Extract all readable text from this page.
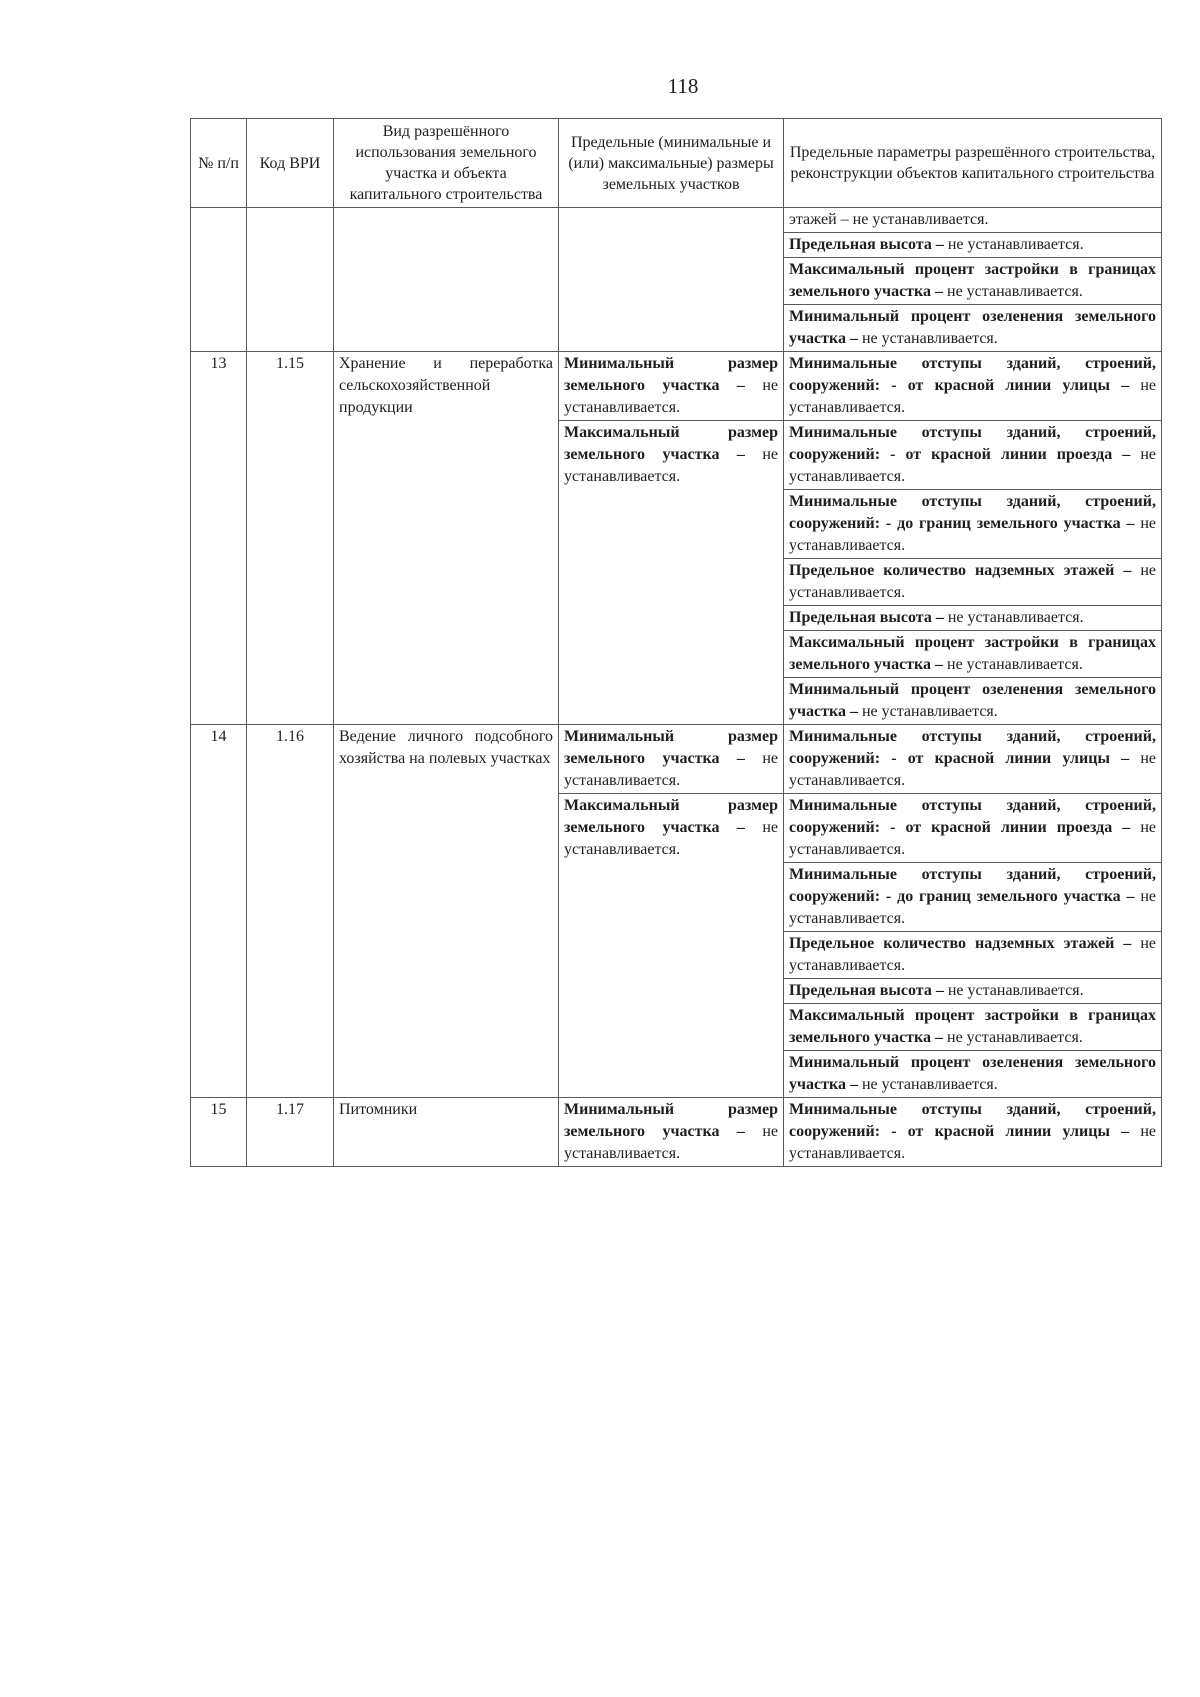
118
№ п/п	Код ВРИ	Вид разрешённого использования земельного участка и объекта капитального строительства	Предельные (минимальные и (или) максимальные) размеры земельных участков	Предельные параметры разрешённого строительства, реконструкции объектов капитального строительства
				этажей – не устанавливается.
				Предельная высота – не устанавливается.
				Максимальный процент застройки в границах земельного участка – не устанавливается.
				Минимальный процент озеленения земельного участка – не устанавливается.
13	1.15	Хранение и переработка сельскохозяйственной продукции	Минимальный размер земельного участка – не устанавливается.	Минимальные отступы зданий, строений, сооружений: - от красной линии улицы – не устанавливается.
			Максимальный размер земельного участка – не устанавливается.	Минимальные отступы зданий, строений, сооружений: - от красной линии проезда – не устанавливается.
				Минимальные отступы зданий, строений, сооружений: - до границ земельного участка – не устанавливается.
				Предельное количество надземных этажей – не устанавливается.
				Предельная высота – не устанавливается.
				Максимальный процент застройки в границах земельного участка – не устанавливается.
				Минимальный процент озеленения земельного участка – не устанавливается.
14	1.16	Ведение личного подсобного хозяйства на полевых участках	Минимальный размер земельного участка – не устанавливается.	Минимальные отступы зданий, строений, сооружений: - от красной линии улицы – не устанавливается.
			Максимальный размер земельного участка – не устанавливается.	Минимальные отступы зданий, строений, сооружений: - от красной линии проезда – не устанавливается.
				Минимальные отступы зданий, строений, сооружений: - до границ земельного участка – не устанавливается.
				Предельное количество надземных этажей – не устанавливается.
				Предельная высота – не устанавливается.
				Максимальный процент застройки в границах земельного участка – не устанавливается.
				Минимальный процент озеленения земельного участка – не устанавливается.
15	1.17	Питомники	Минимальный размер земельного участка – не устанавливается.	Минимальные отступы зданий, строений, сооружений: - от красной линии улицы – не устанавливается.
